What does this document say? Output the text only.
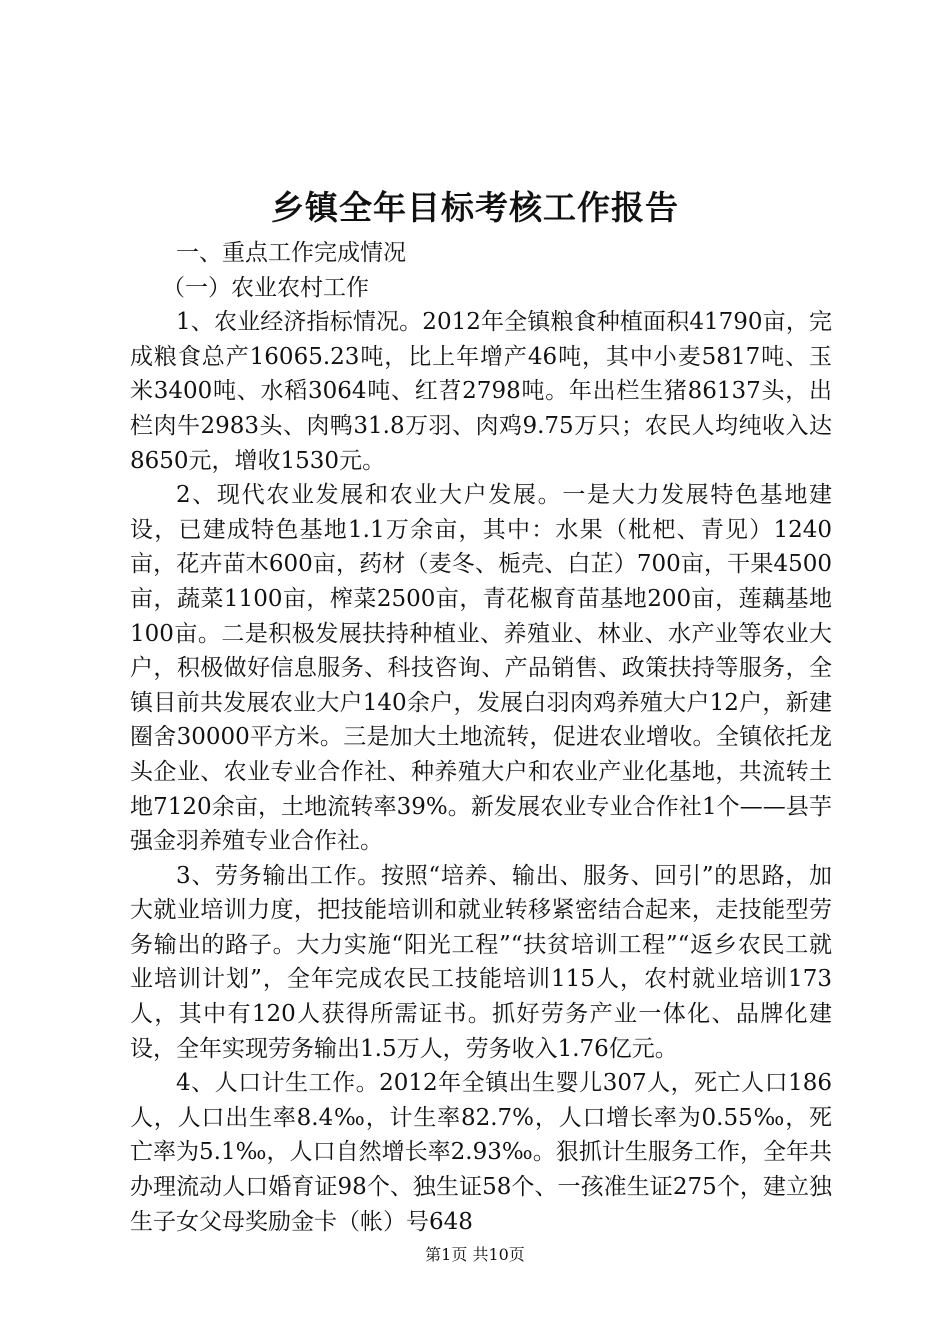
乡镇全年目标考核工作报告

一、重点工作完成情况

（一）农业农村工作

1、农业经济指标情况。2012年全镇粮食种植面积41790亩，完成粮食总产16065.23吨，比上年增产46吨，其中小麦5817吨、玉米3400吨、水稻3064吨、红苕2798吨。年出栏生猪86137头，出栏肉牛2983头、肉鸭31.8万羽、肉鸡9.75万只；农民人均纯收入达8650元，增收1530元。

2、现代农业发展和农业大户发展。一是大力发展特色基地建设，已建成特色基地1.1万余亩，其中：水果（枇杷、青见）1240亩，花卉苗木600亩，药材（麦冬、栀壳、白芷）700亩，干果4500亩，蔬菜1100亩，榨菜2500亩，青花椒育苗基地200亩，莲藕基地100亩。二是积极发展扶持种植业、养殖业、林业、水产业等农业大户，积极做好信息服务、科技咨询、产品销售、政策扶持等服务，全镇目前共发展农业大户140余户，发展白羽肉鸡养殖大户12户，新建圈舍30000平方米。三是加大土地流转，促进农业增收。全镇依托龙头企业、农业专业合作社、种养殖大户和农业产业化基地，共流转土地7120余亩，土地流转率39%。新发展农业专业合作社1个——县芋强金羽养殖专业合作社。

3、劳务输出工作。按照“培养、输出、服务、回引”的思路，加大就业培训力度，把技能培训和就业转移紧密结合起来，走技能型劳务输出的路子。大力实施“阳光工程”“扶贫培训工程”“返乡农民工就业培训计划”，全年完成农民工技能培训115人，农村就业培训173人，其中有120人获得所需证书。抓好劳务产业一体化、品牌化建设，全年实现劳务输出1.5万人，劳务收入1.76亿元。

4、人口计生工作。2012年全镇出生婴儿307人，死亡人口186人，人口出生率8.4‰，计生率82.7%，人口增长率为0.55‰，死亡率为5.1‰，人口自然增长率2.93‰。狠抓计生服务工作，全年共办理流动人口婚育证98个、独生证58个、一孩准生证275个，建立独生子女父母奖励金卡（帐）号648

第1页 共10页
